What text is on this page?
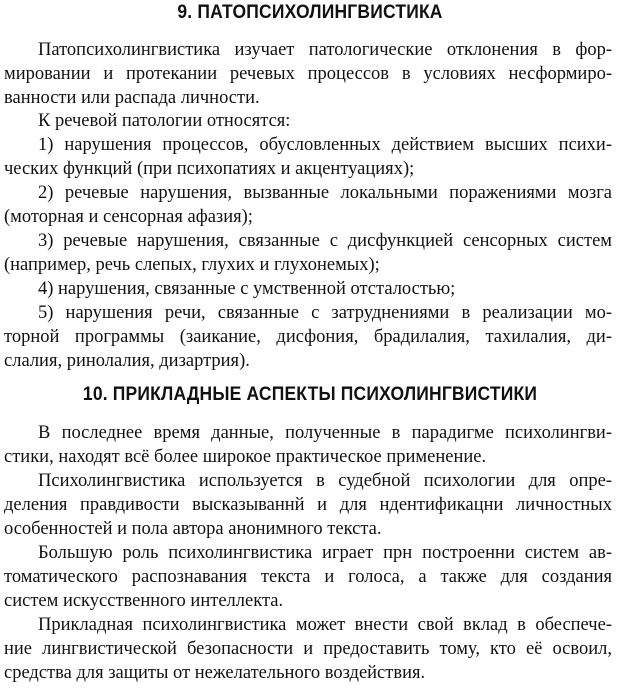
9. ПАТОПСИХОЛИНГВИСТИКА
Патопсихолингвистика изучает патологические отклонения в фор-
мировании и протекании речевых процессов в условиях несформиро-
ванности или распада личности.
К речевой патологии относятся:
1) нарушения процессов, обусловленных действием высших психи-
ческих функций (при психопатиях и акцентуациях);
2) речевые нарушения, вызванные локальными поражениями мозга
(моторная и сенсорная афазия);
3) речевые нарушения, связанные с дисфункцией сенсорных систем
(например, речь слепых, глухих и глухонемых);
4) нарушения, связанные с умственной отсталостью;
5) нарушения речи, связанные с затруднениями в реализации мо-
торной программы (заикание, дисфония, брадилалия, тахилалия, ди-
слалия, ринолалия, дизартрия).
10. ПРИКЛАДНЫЕ АСПЕКТЫ ПСИХОЛИНГВИСТИКИ
В последнее время данные, полученные в парадигме психолингви-
стики, находят всё более широкое практическое применение.
Психолингвистика используется в судебной психологии для опре-
деления правдивости высказываннй и для ндентификацни личностных
особенностей и пола автора анонимного текста.
Большую роль психолингвистика играет прн построенни систем ав-
томатического распознавания текста и голоса, а также для создания
систем искусственного интеллекта.
Прикладная психолингвистика может внести свой вклад в обеспече-
ние лингвистической безопасности и предоставить тому, кто её освоил,
средства для защиты от нежелательного воздействия.
